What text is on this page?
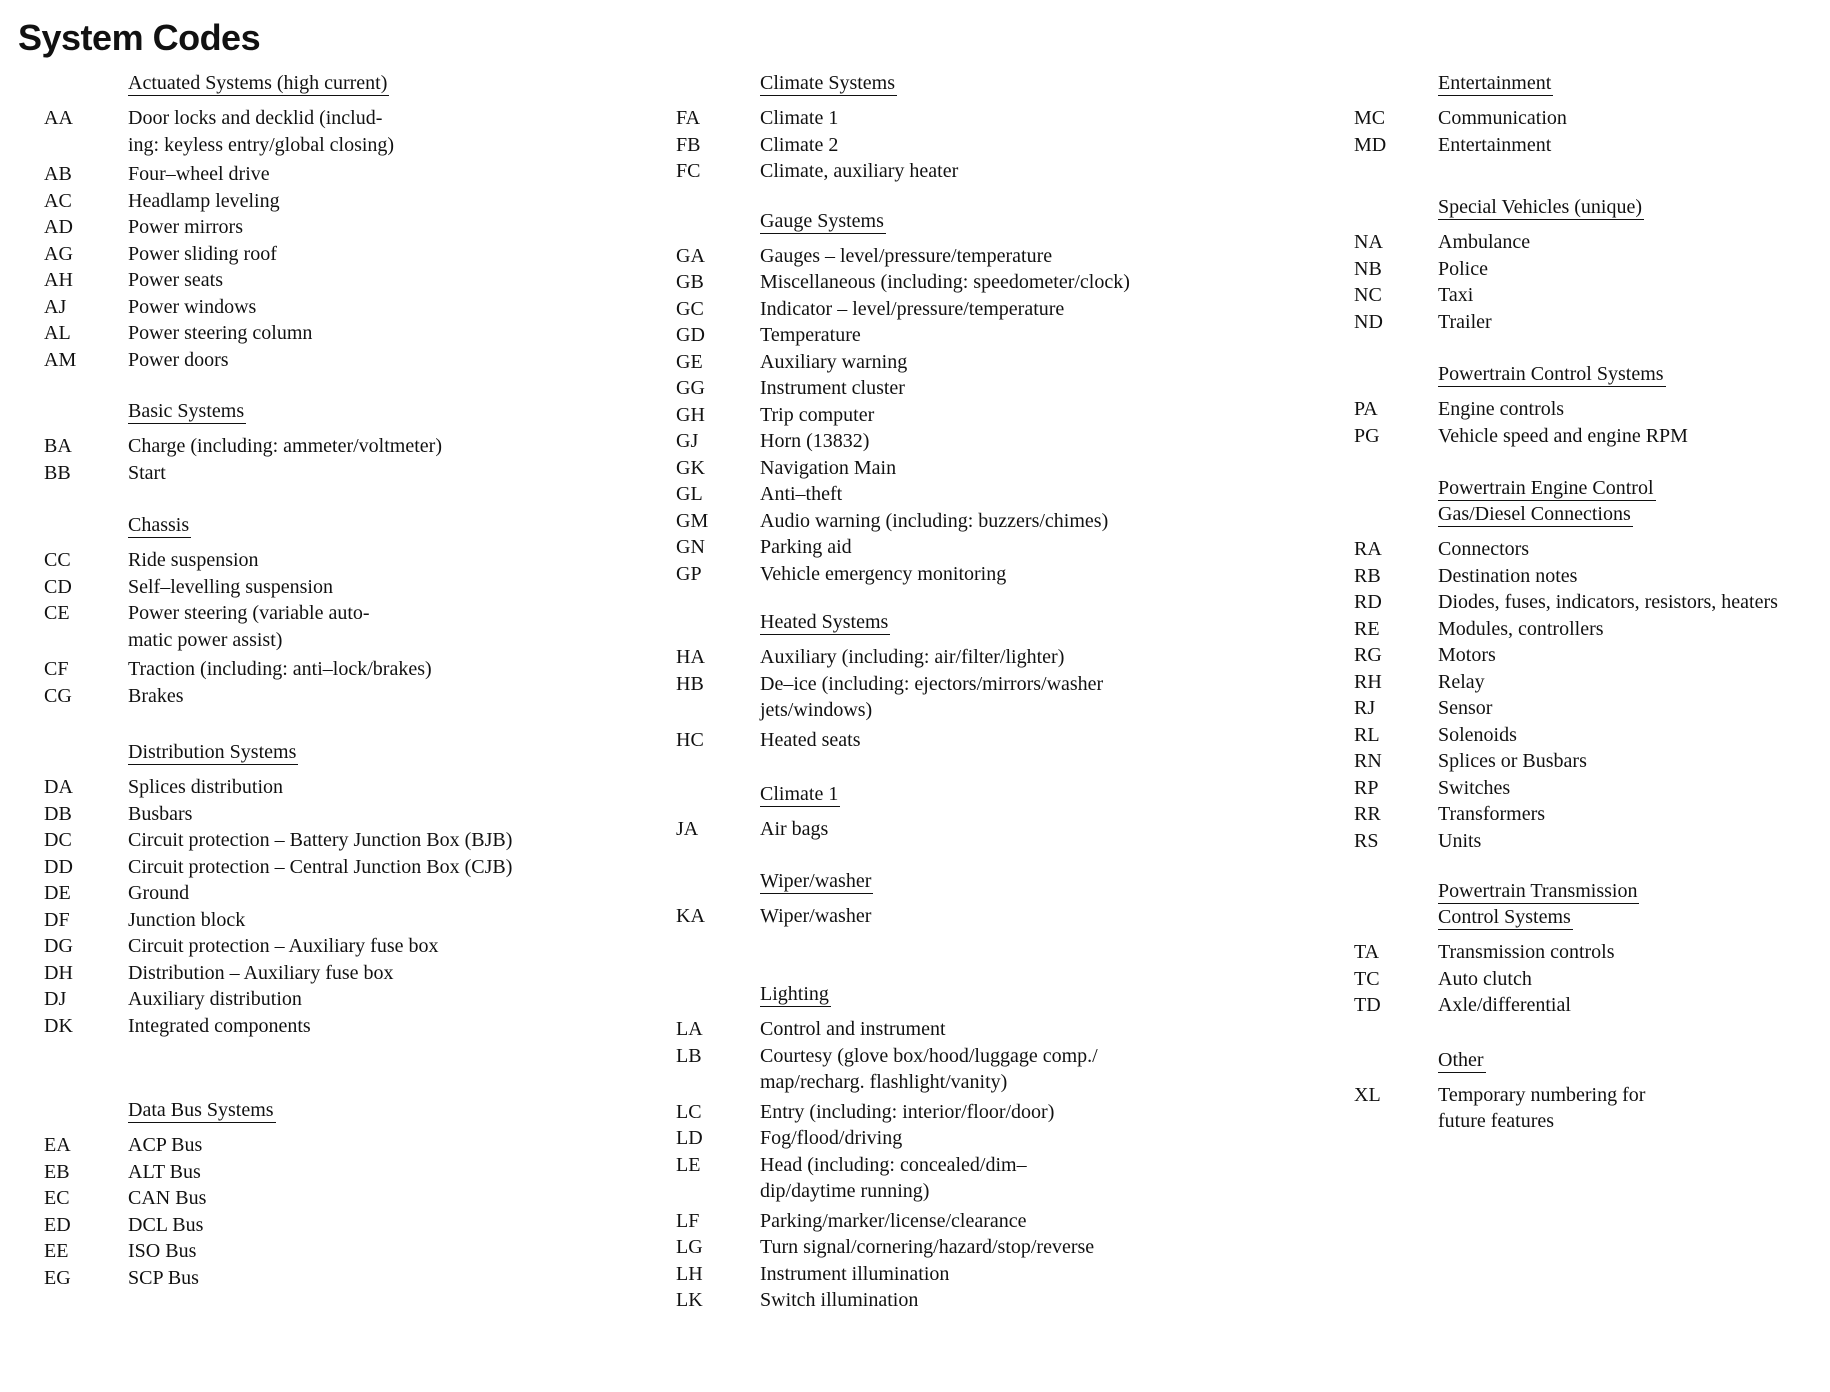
System Codes
Actuated Systems (high current)
AA	Door locks and decklid (includ-
ing: keyless entry/global closing)
AB	Four–wheel drive
AC	Headlamp leveling
AD	Power mirrors
AG	Power sliding roof
AH	Power seats
AJ	Power windows
AL	Power steering column
AM	Power doors
Basic Systems
BA	Charge (including: ammeter/voltmeter)
BB	Start
Chassis
CC	Ride suspension
CD	Self–levelling suspension
CE	Power steering (variable auto-
matic power assist)
CF	Traction (including: anti–lock/brakes)
CG	Brakes
Distribution Systems
DA	Splices distribution
DB	Busbars
DC	Circuit protection – Battery Junction Box (BJB)
DD	Circuit protection – Central Junction Box (CJB)
DE	Ground
DF	Junction block
DG	Circuit protection – Auxiliary fuse box
DH	Distribution – Auxiliary fuse box
DJ	Auxiliary distribution
DK	Integrated components
Data Bus Systems
EA	ACP Bus
EB	ALT Bus
EC	CAN Bus
ED	DCL Bus
EE	ISO Bus
EG	SCP Bus
Climate Systems
FA	Climate 1
FB	Climate 2
FC	Climate, auxiliary heater
Gauge Systems
GA	Gauges – level/pressure/temperature
GB	Miscellaneous (including: speedometer/clock)
GC	Indicator – level/pressure/temperature
GD	Temperature
GE	Auxiliary warning
GG	Instrument cluster
GH	Trip computer
GJ	Horn (13832)
GK	Navigation Main
GL	Anti–theft
GM	Audio warning (including: buzzers/chimes)
GN	Parking aid
GP	Vehicle emergency monitoring
Heated Systems
HA	Auxiliary (including: air/filter/lighter)
HB	De–ice (including: ejectors/mirrors/washer
jets/windows)
HC	Heated seats
Climate 1
JA	Air bags
Wiper/washer
KA	Wiper/washer
Lighting
LA	Control and instrument
LB	Courtesy (glove box/hood/luggage comp./
map/recharg. flashlight/vanity)
LC	Entry (including: interior/floor/door)
LD	Fog/flood/driving
LE	Head (including: concealed/dim–
dip/daytime running)
LF	Parking/marker/license/clearance
LG	Turn signal/cornering/hazard/stop/reverse
LH	Instrument illumination
LK	Switch illumination
Entertainment
MC	Communication
MD	Entertainment
Special Vehicles (unique)
NA	Ambulance
NB	Police
NC	Taxi
ND	Trailer
Powertrain Control Systems
PA	Engine controls
PG	Vehicle speed and engine RPM
Powertrain Engine Control
Gas/Diesel Connections
RA	Connectors
RB	Destination notes
RD	Diodes, fuses, indicators, resistors, heaters
RE	Modules, controllers
RG	Motors
RH	Relay
RJ	Sensor
RL	Solenoids
RN	Splices or Busbars
RP	Switches
RR	Transformers
RS	Units
Powertrain Transmission
Control Systems
TA	Transmission controls
TC	Auto clutch
TD	Axle/differential
Other
XL	Temporary numbering for
future features
